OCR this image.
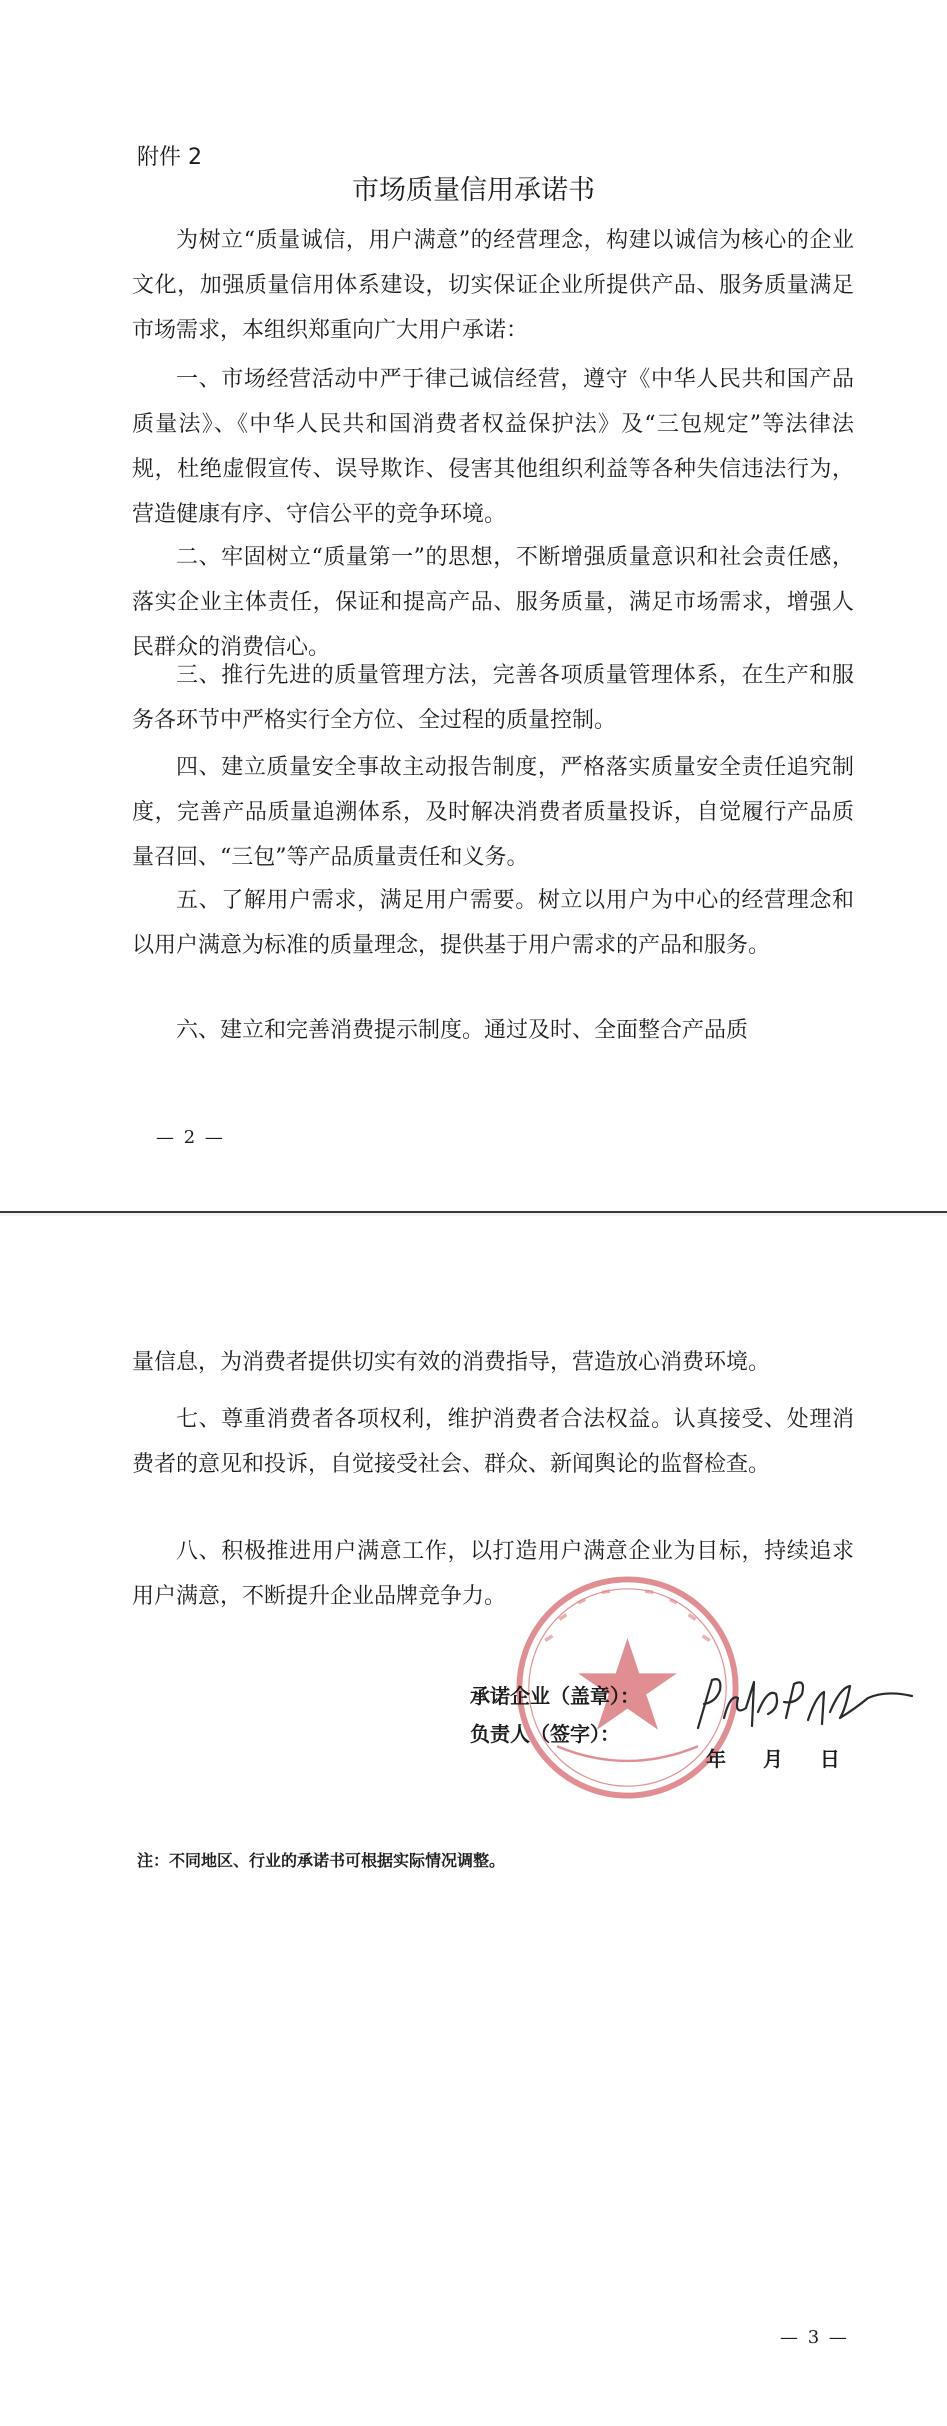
附件 2
市场质量信用承诺书

为树立“质量诚信，用户满意”的经营理念，构建以诚信为核心的企业文化，加强质量信用体系建设，切实保证企业所提供产品、服务质量满足市场需求，本组织郑重向广大用户承诺：

一、市场经营活动中严于律己诚信经营，遵守《中华人民共和国产品质量法》、《中华人民共和国消费者权益保护法》及“三包规定”等法律法规，杜绝虚假宣传、误导欺诈、侵害其他组织利益等各种失信违法行为，营造健康有序、守信公平的竞争环境。

二、牢固树立“质量第一”的思想，不断增强质量意识和社会责任感，落实企业主体责任，保证和提高产品、服务质量，满足市场需求，增强人民群众的消费信心。

三、推行先进的质量管理方法，完善各项质量管理体系，在生产和服务各环节中严格实行全方位、全过程的质量控制。

四、建立质量安全事故主动报告制度，严格落实质量安全责任追究制度，完善产品质量追溯体系，及时解决消费者质量投诉，自觉履行产品质量召回、“三包”等产品质量责任和义务。

五、了解用户需求，满足用户需要。树立以用户为中心的经营理念和以用户满意为标准的质量理念，提供基于用户需求的产品和服务。

六、建立和完善消费提示制度。通过及时、全面整合产品质

— 2 —

量信息，为消费者提供切实有效的消费指导，营造放心消费环境。

七、尊重消费者各项权利，维护消费者合法权益。认真接受、处理消费者的意见和投诉，自觉接受社会、群众、新闻舆论的监督检查。

八、积极推进用户满意工作，以打造用户满意企业为目标，持续追求用户满意，不断提升企业品牌竞争力。

承诺企业（盖章）：
负责人（签字）：
年 月 日
注：不同地区、行业的承诺书可根据实际情况调整。
— 3 —
